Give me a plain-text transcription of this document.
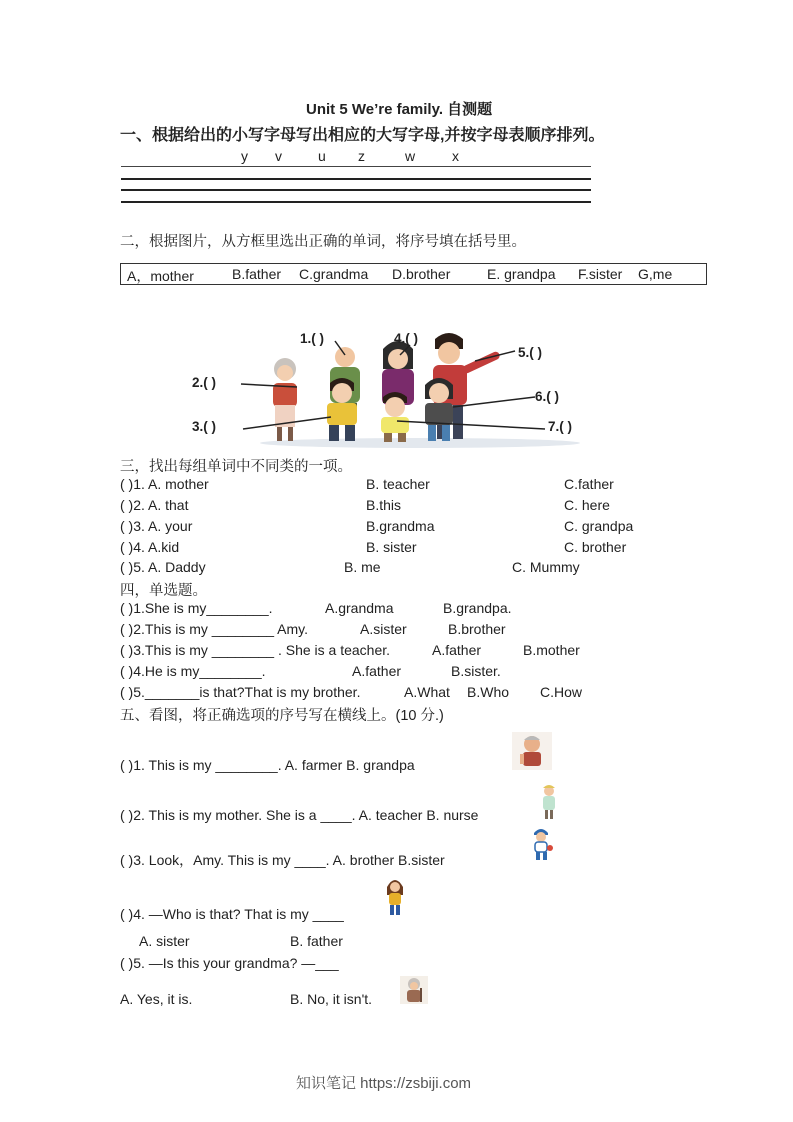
Unit 5 We’re family. 自测题
一、根据给出的小写字母写出相应的大写字母,并按字母表顺序排列。
y v	u z	w	x
二，根据图片，从方框里选出正确的单词，将序号填在括号里。
A，mother	B.father C.grandma D.brother	E. grandpa F.sister G,me
1.( )	4.( )
5.( )
2.( )
6.( )
3.( )	7.( )
三，找出每组单词中不同类的一项。
( )1. A. mother	B. teacher	C.father
( )2. A. that	B.this	C. here
( )3. A. your	B.grandma	C. grandpa
( )4. A.kid	B. sister	C. brother
( )5. A. Daddy	B. me	C. Mummy
四，单选题。
( )1.She is my________.	A.grandma	B.grandpa.
( )2.This is my ________ Amy.	A.sister	B.brother
( )3.This is my ________ . She is a teacher.	A.father	B.mother
( )4.He is my________.	A.father	B.sister.
( )5._______is that?That is my brother.	A.What B.Who C.How
五、看图，将正确选项的序号写在横线上。(10 分.)
( )1. This is my ________. A. farmer B. grandpa
( )2. This is my mother. She is a ____. A. teacher B. nurse
( )3. Look，Amy. This is my ____. A. brother B.sister
( )4. —Who is that? That is my ____
A. sister	B. father
( )5. —Is this your grandma? —___
A. Yes, it is.	B. No, it isn't.
知识笔记 https://zsbiji.com
